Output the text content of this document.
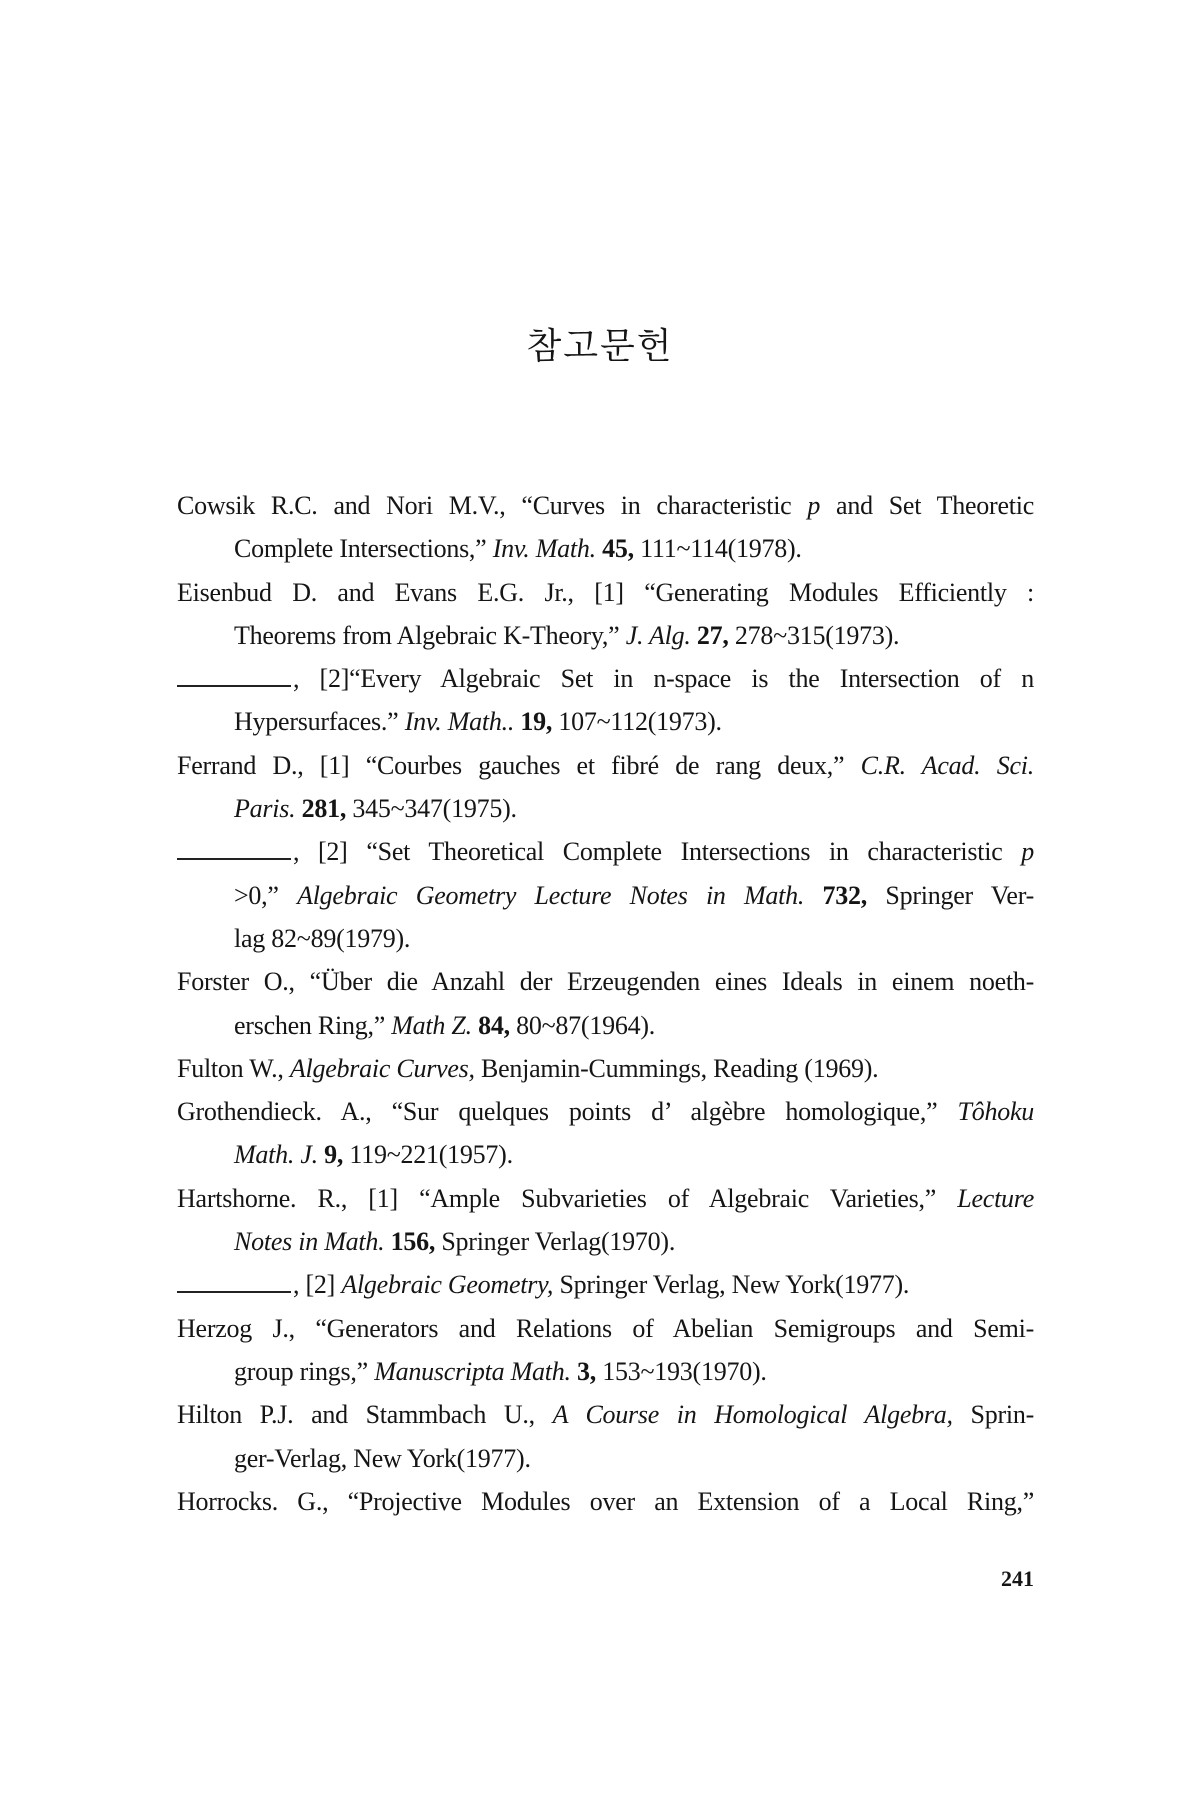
참고문헌
Cowsik R.C. and Nori M.V., “Curves in characteristic p and Set Theoretic
Complete Intersections,” Inv. Math. 45, 111~114(1978).
Eisenbud D. and Evans E.G. Jr., [1] “Generating Modules Efficiently :
Theorems from Algebraic K-Theory,” J. Alg. 27, 278~315(1973).
, [2]“Every Algebraic Set in n-space is the Intersection of n
Hypersurfaces.” Inv. Math.. 19, 107~112(1973).
Ferrand D., [1] “Courbes gauches et fibré de rang deux,” C.R. Acad. Sci.
Paris. 281, 345~347(1975).
, [2] “Set Theoretical Complete Intersections in characteristic p
>0,” Algebraic Geometry Lecture Notes in Math. 732, Springer Ver-
lag 82~89(1979).
Forster O., “Über die Anzahl der Erzeugenden eines Ideals in einem noeth-
erschen Ring,” Math Z. 84, 80~87(1964).
Fulton W., Algebraic Curves, Benjamin-Cummings, Reading (1969).
Grothendieck. A., “Sur quelques points d’ algèbre homologique,” Tôhoku
Math. J. 9, 119~221(1957).
Hartshorne. R., [1] “Ample Subvarieties of Algebraic Varieties,” Lecture
Notes in Math. 156, Springer Verlag(1970).
, [2] Algebraic Geometry, Springer Verlag, New York(1977).
Herzog J., “Generators and Relations of Abelian Semigroups and Semi-
group rings,” Manuscripta Math. 3, 153~193(1970).
Hilton P.J. and Stammbach U., A Course in Homological Algebra, Sprin-
ger-Verlag, New York(1977).
Horrocks. G., “Projective Modules over an Extension of a Local Ring,”
241
